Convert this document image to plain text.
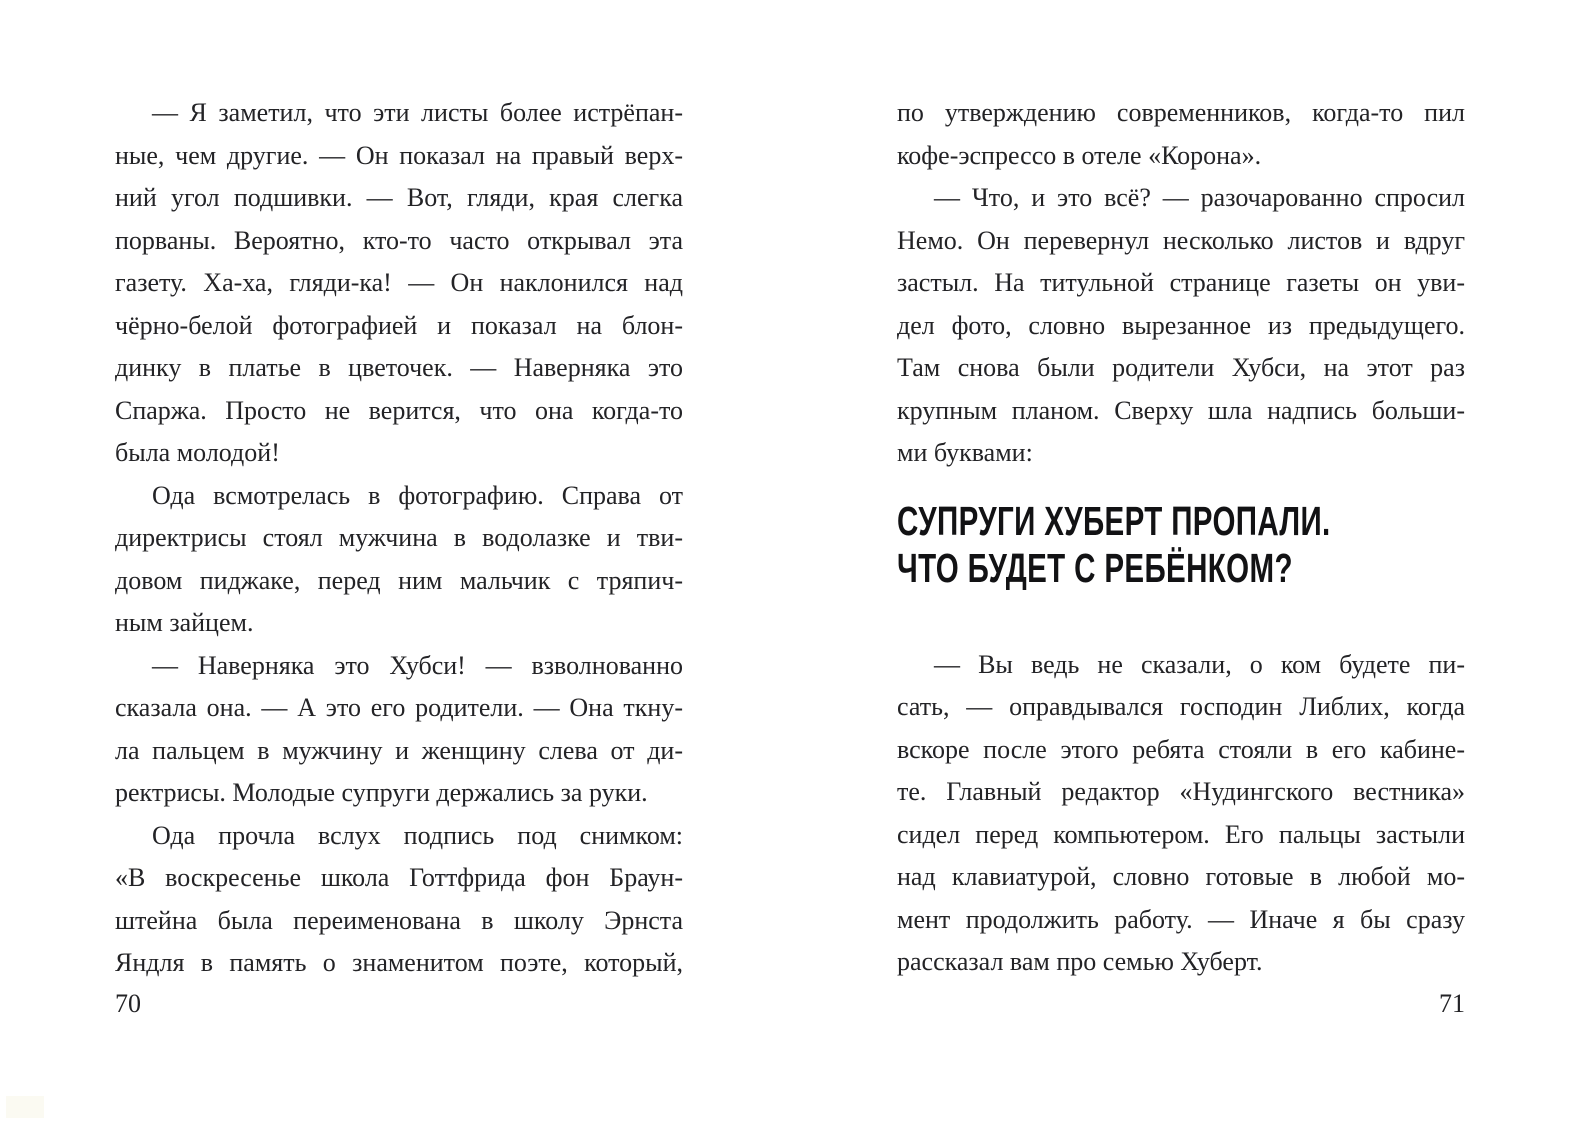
— Я заметил, что эти листы более истрёпан-
ные, чем другие. — Он показал на правый верх-
ний угол подшивки. — Вот, гляди, края слегка
порваны. Вероятно, кто-то часто открывал эта
газету. Ха-ха, гляди-ка! — Он наклонился над
чёрно-белой фотографией и показал на блон-
динку в платье в цветочек. — Наверняка это
Спаржа. Просто не верится, что она когда-то
была молодой!
Ода всмотрелась в фотографию. Справа от
директрисы стоял мужчина в водолазке и тви-
довом пиджаке, перед ним мальчик с тряпич-
ным зайцем.
— Наверняка это Хубси! — взволнованно
сказала она. — А это его родители. — Она ткну-
ла пальцем в мужчину и женщину слева от ди-
ректрисы. Молодые супруги держались за руки.
Ода прочла вслух подпись под снимком:
«В воскресенье школа Готтфрида фон Браун-
штейна была переименована в школу Эрнста
Яндля в память о знаменитом поэте, который,
по утверждению современников, когда-то пил
кофе-эспрессо в отеле «Корона».
— Что, и это всё? — разочарованно спросил
Немо. Он перевернул несколько листов и вдруг
застыл. На титульной странице газеты он уви-
дел фото, словно вырезанное из предыдущего.
Там снова были родители Хубси, на этот раз
крупным планом. Сверху шла надпись больши-
ми буквами:
СУПРУГИ ХУБЕРТ ПРОПАЛИ.
ЧТО БУДЕТ С РЕБЁНКОМ?
— Вы ведь не сказали, о ком будете пи-
сать, — оправдывался господин Либлих, когда
вскоре после этого ребята стояли в его кабине-
те. Главный редактор «Нудингского вестника»
сидел перед компьютером. Его пальцы застыли
над клавиатурой, словно готовые в любой мо-
мент продолжить работу. — Иначе я бы сразу
рассказал вам про семью Хуберт.
70	71
